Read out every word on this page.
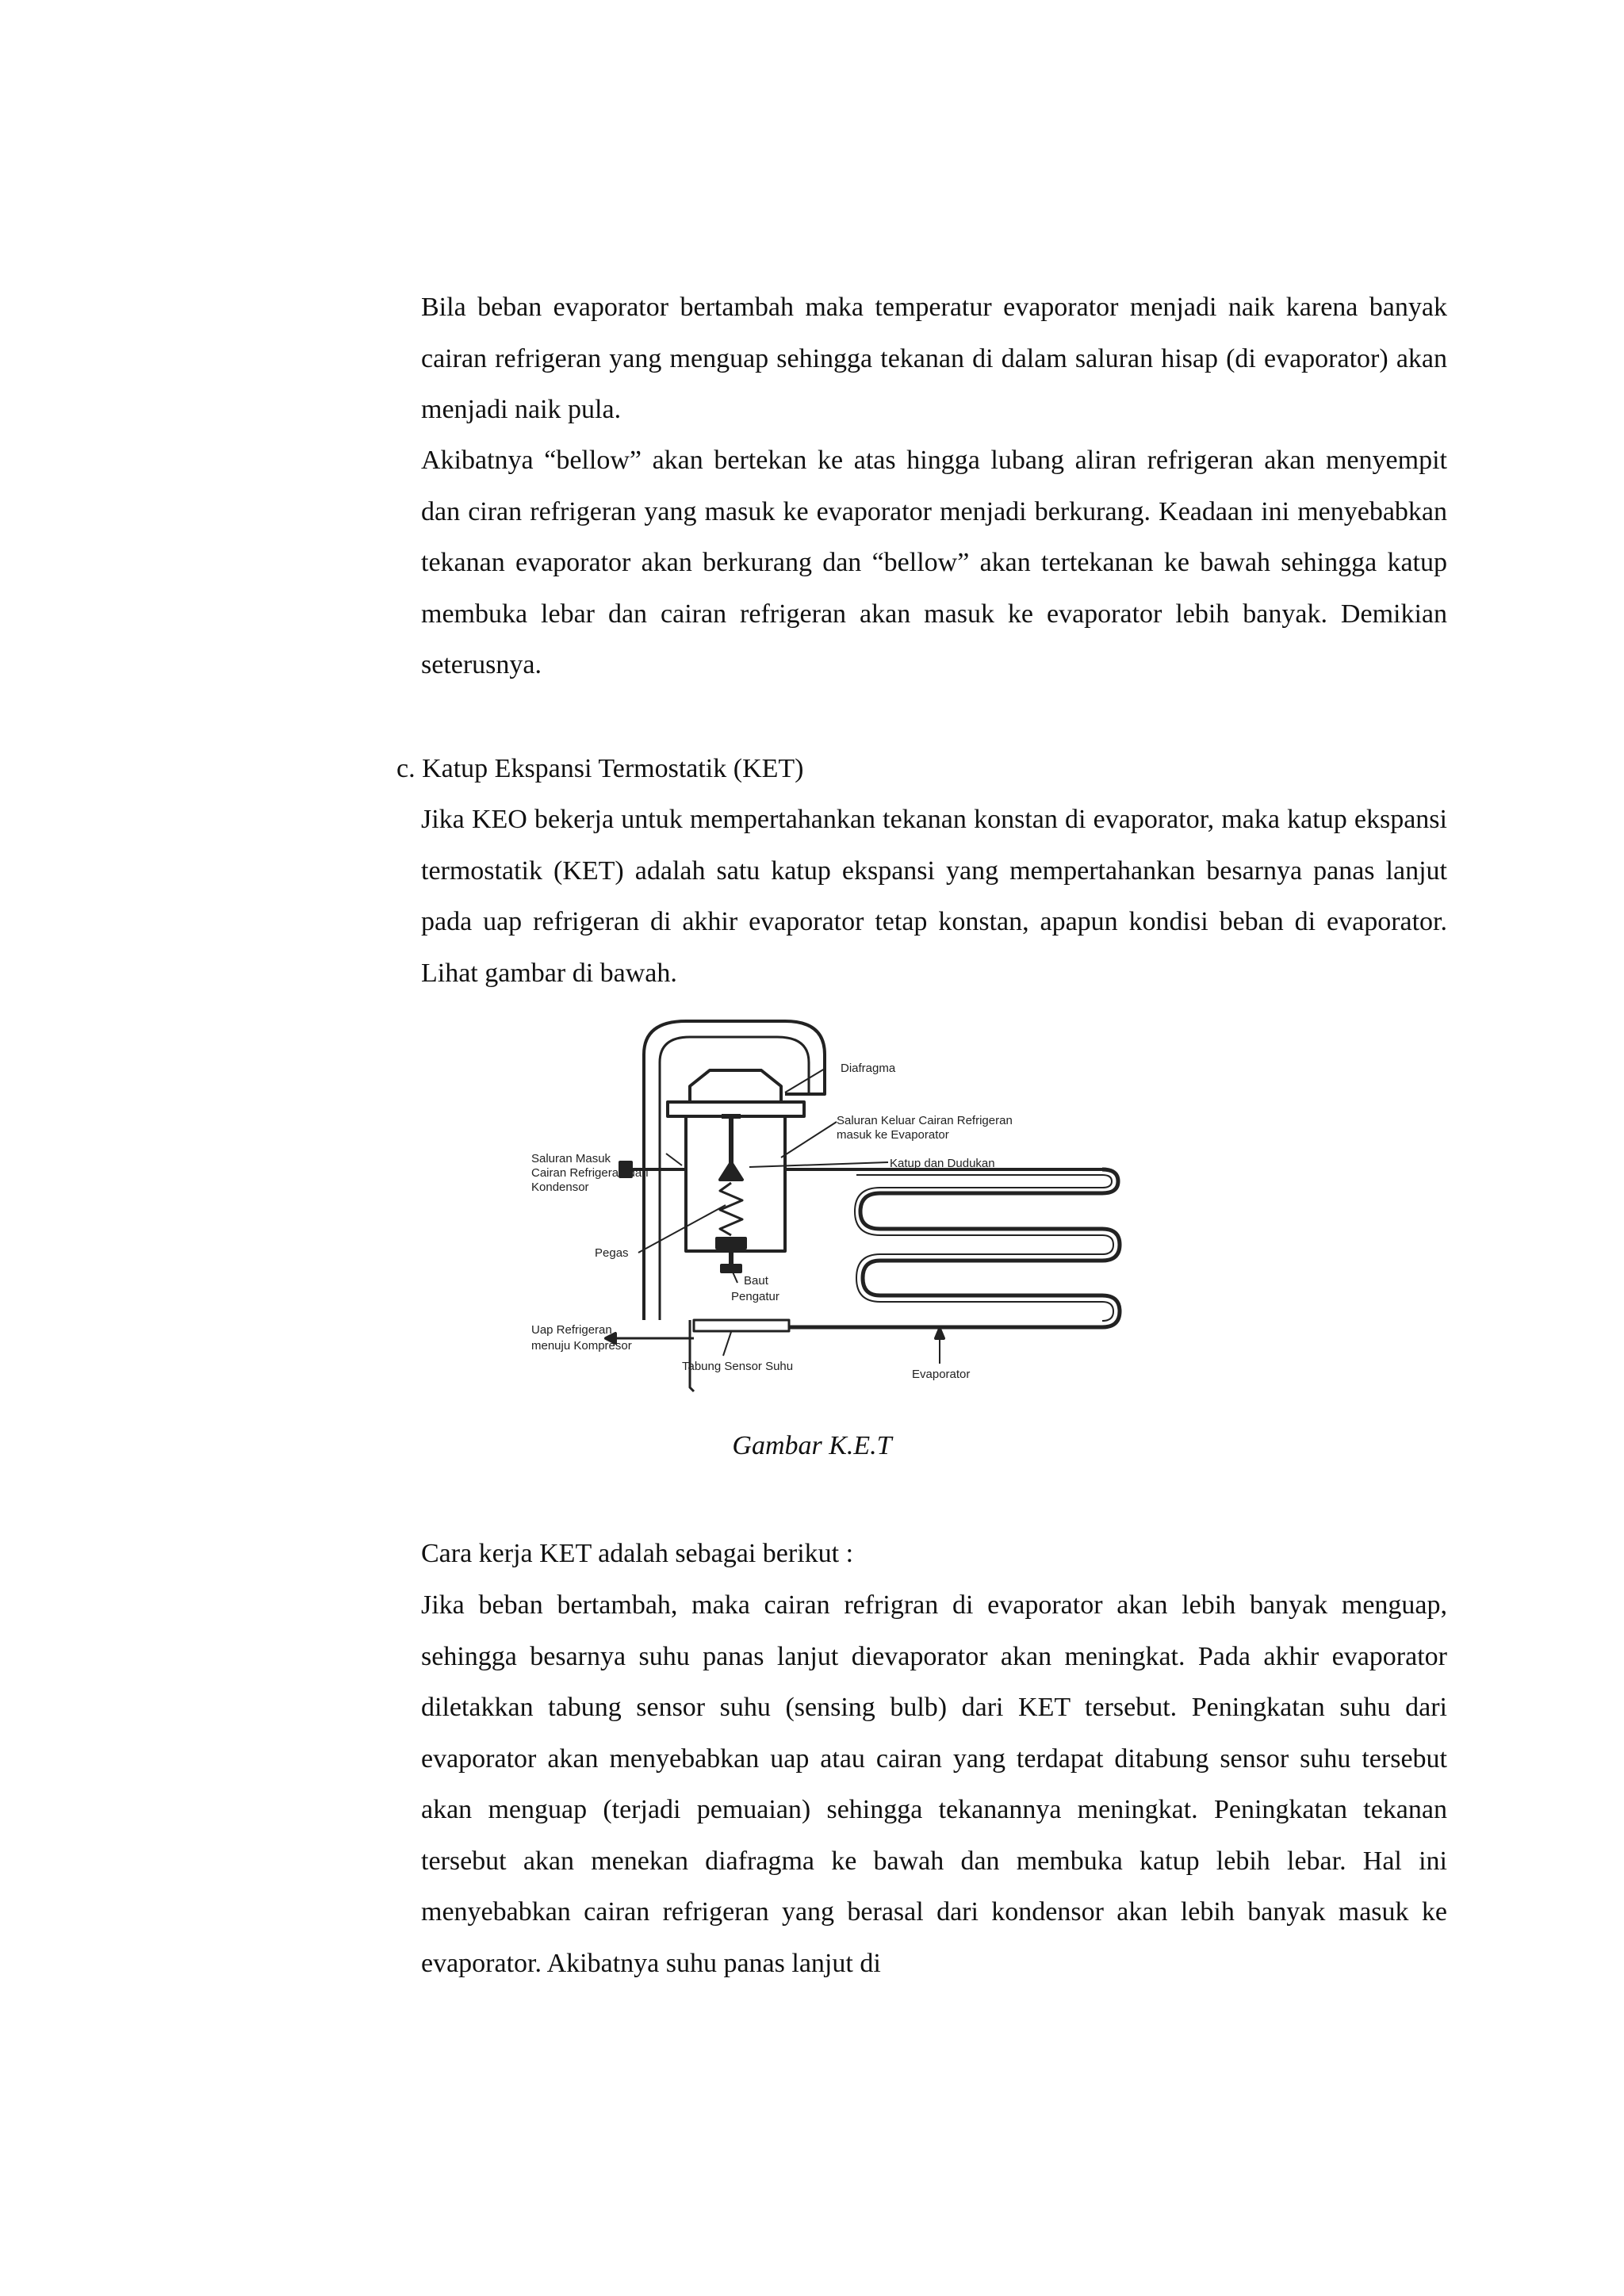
Bila beban evaporator bertambah maka temperatur evaporator menjadi naik karena banyak cairan refrigeran yang menguap sehingga tekanan di dalam saluran hisap (di evaporator) akan menjadi naik pula.

Akibatnya “bellow” akan bertekan ke atas hingga lubang aliran refrigeran akan menyempit dan ciran refrigeran yang masuk ke evaporator menjadi berkurang. Keadaan ini menyebabkan tekanan evaporator akan berkurang dan “bellow” akan tertekanan ke bawah sehingga katup membuka lebar dan cairan refrigeran akan masuk ke evaporator lebih banyak. Demikian seterusnya.

c. Katup Ekspansi Termostatik (KET)

Jika KEO bekerja untuk mempertahankan tekanan konstan di evaporator, maka katup ekspansi termostatik (KET) adalah satu katup ekspansi yang mempertahankan besarnya panas lanjut pada uap refrigeran di akhir evaporator tetap konstan, apapun kondisi beban di evaporator. Lihat gambar di bawah.

Diafragma
Saluran Keluar Cairan Refrigeran
masuk ke Evaporator
Katup dan Dudukan
Saluran Masuk
Cairan Refrigeran dari
Kondensor
Pegas
Baut
Pengatur
Uap Refrigeran
menuju Kompresor
Tabung Sensor Suhu
Evaporator

Gambar K.E.T

Cara kerja KET adalah sebagai berikut :

Jika beban bertambah, maka cairan refrigran di evaporator akan lebih banyak menguap, sehingga besarnya suhu panas lanjut dievaporator akan meningkat. Pada akhir evaporator diletakkan tabung sensor suhu (sensing bulb) dari KET tersebut. Peningkatan suhu dari evaporator akan menyebabkan uap atau cairan yang terdapat ditabung sensor suhu tersebut akan menguap (terjadi pemuaian) sehingga tekanannya meningkat. Peningkatan tekanan tersebut akan menekan diafragma ke bawah dan membuka katup lebih lebar. Hal ini menyebabkan cairan refrigeran yang berasal dari kondensor akan lebih banyak masuk ke evaporator. Akibatnya suhu panas lanjut di
